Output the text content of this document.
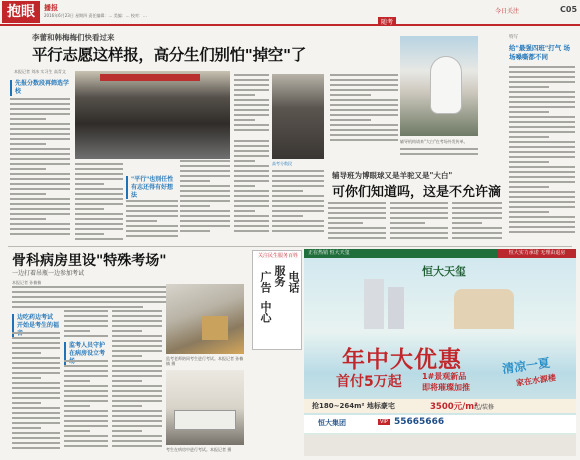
抱眼	播报
2016年6月23日 星期四 责任编辑：… 美编：… 校对：…
今日关注	C05
随考
李蕾和韩梅梅们快看过来
平行志愿这样报，高分生们别怕"掉空"了
本报记者 刘冰 实习生 高青文
先报分数段再筛选学校
"平行"也别任性 有志还得有好想法
高考分数段
辅导机构请来"大白"在考场外发传单。
辅导班为博眼球又是羊驼又是"大白"
可你们知道吗，这是不允许滴
特写
给"最强四班"打气 场场嗓嘶都不同
骨科病房里设"特殊考场"
一边打着吊瓶一边参加考试
本报记者 孙楠楠
边吃药边考试 开始是考生的福
监考人员守护 在病房设立考
监考老师陪同考生进行考试。本报记者 孙楠楠 摄
考生在病房中进行考试。本报记者 摄
关注民生服务百姓
广告 服务
中心
电话
正在热销 恒大天玺	恒大实力承诺 无理由退房
恒大天玺
年中大优惠
首付5万起	1#景观新品
即将璀璨加推
清凉一夏
家在水源楼
抢180~264m² 地标豪宅	3500元/m²
起/装修
恒大集团	VIP 55665666
